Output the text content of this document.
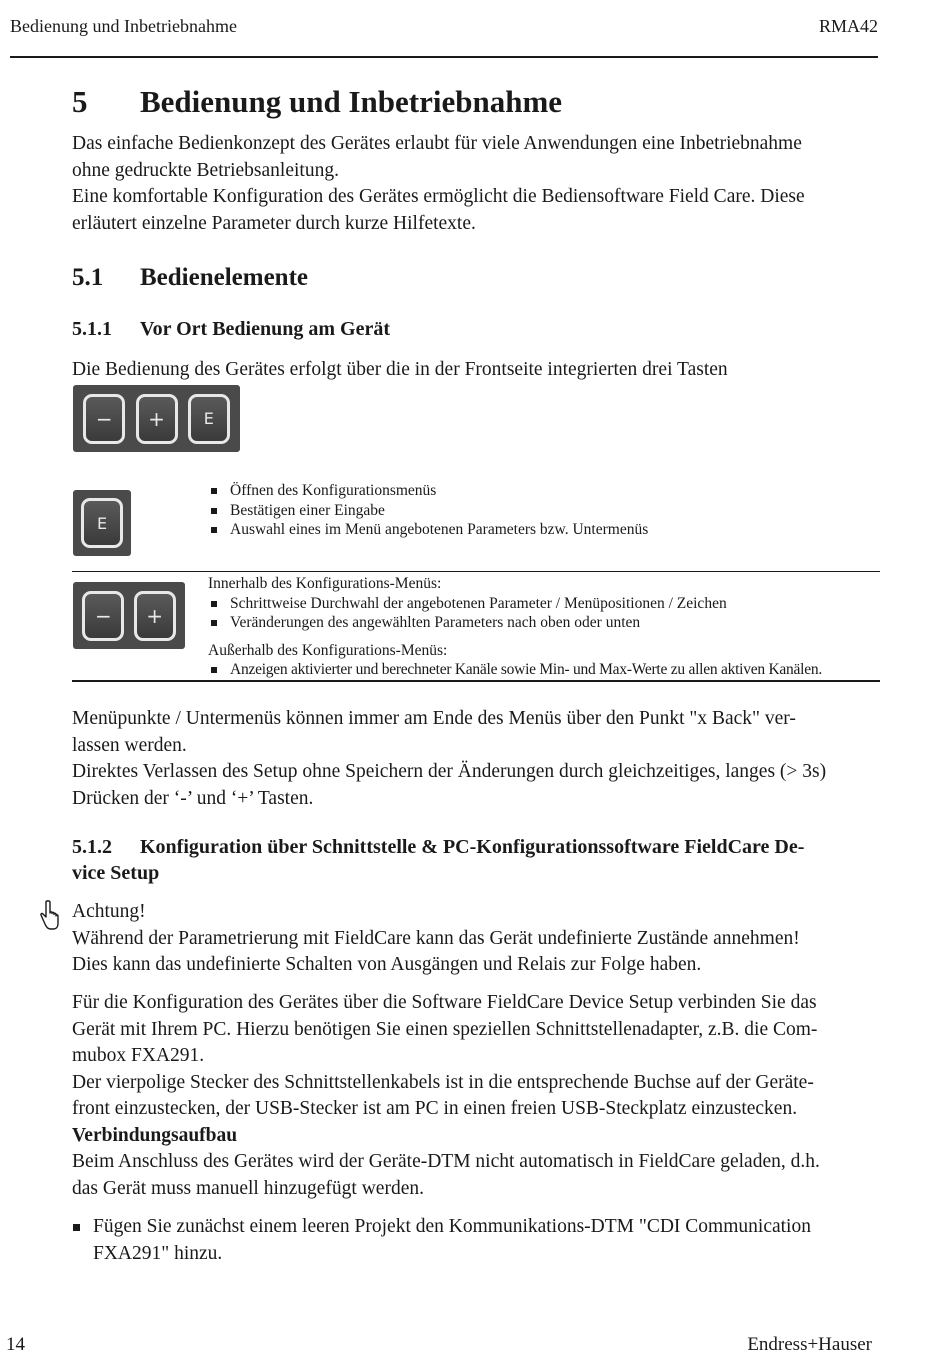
Bedienung und Inbetriebnahme	RMA42
5 Bedienung und Inbetriebnahme

Das einfache Bedienkonzept des Gerätes erlaubt für viele Anwendungen eine Inbetriebnahme

ohne gedruckte Betriebsanleitung.

Eine komfortable Konfiguration des Gerätes ermöglicht die Bediensoftware Field Care. Diese

erläutert einzelne Parameter durch kurze Hilfetexte.

5.1 Bedienelemente
5.1.1 Vor Ort Bedienung am Gerät

Die Bedienung des Gerätes erfolgt über die in der Frontseite integrierten drei Tasten

−	+	E
E
Öffnen des Konfigurationsmenüs
Bestätigen einer Eingabe
Auswahl eines im Menü angebotenen Parameters bzw. Untermenüs
−	+

Innerhalb des Konfigurations-Menüs:

Schrittweise Durchwahl der angebotenen Parameter / Menüpositionen / Zeichen
Veränderungen des angewählten Parameters nach oben oder unten

Außerhalb des Konfigurations-Menüs:

Anzeigen aktivierter und berechneter Kanäle sowie Min- und Max-Werte zu allen aktiven Kanälen.

Menüpunkte / Untermenüs können immer am Ende des Menüs über den Punkt "x Back" ver-

lassen werden.

Direktes Verlassen des Setup ohne Speichern der Änderungen durch gleichzeitiges, langes (> 3s)

Drücken der ‘-’ und ‘+’ Tasten.

5.1.2 Konfiguration über Schnittstelle & PC-Konfigurationssoftware FieldCare De-
vice Setup

Achtung!

Während der Parametrierung mit FieldCare kann das Gerät undefinierte Zustände annehmen!

Dies kann das undefinierte Schalten von Ausgängen und Relais zur Folge haben.

Für die Konfiguration des Gerätes über die Software FieldCare Device Setup verbinden Sie das

Gerät mit Ihrem PC. Hierzu benötigen Sie einen speziellen Schnittstellenadapter, z.B. die Com-

mubox FXA291.

Der vierpolige Stecker des Schnittstellenkabels ist in die entsprechende Buchse auf der Geräte-

front einzustecken, der USB-Stecker ist am PC in einen freien USB-Steckplatz einzustecken.

Verbindungsaufbau

Beim Anschluss des Gerätes wird der Geräte-DTM nicht automatisch in FieldCare geladen, d.h.

das Gerät muss manuell hinzugefügt werden.

Fügen Sie zunächst einem leeren Projekt den Kommunikations-DTM "CDI Communication

FXA291" hinzu.

14	Endress+Hauser
